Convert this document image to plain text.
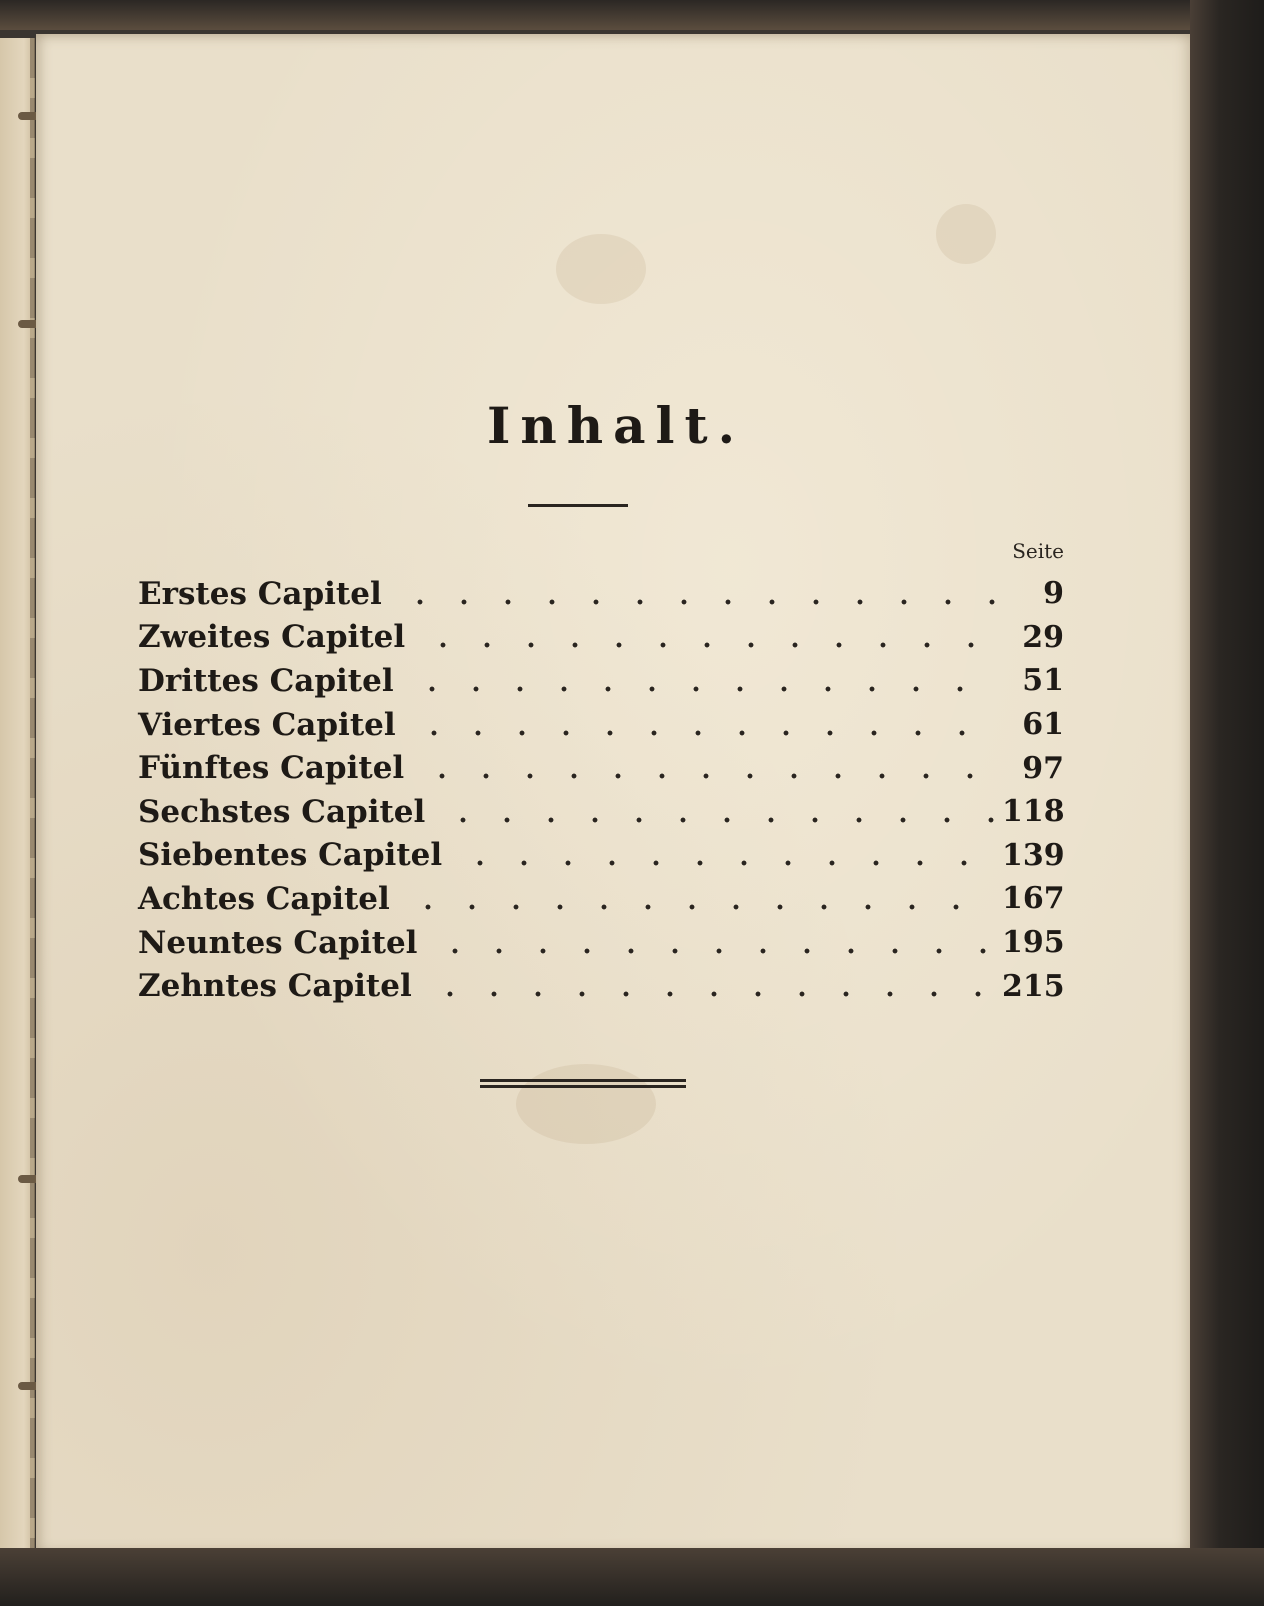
Inhalt.
Seite
Erstes Capitel	9
Zweites Capitel	29
Drittes Capitel	51
Viertes Capitel	61
Fünftes Capitel	97
Sechstes Capitel	118
Siebentes Capitel	139
Achtes Capitel	167
Neuntes Capitel	195
Zehntes Capitel	215
